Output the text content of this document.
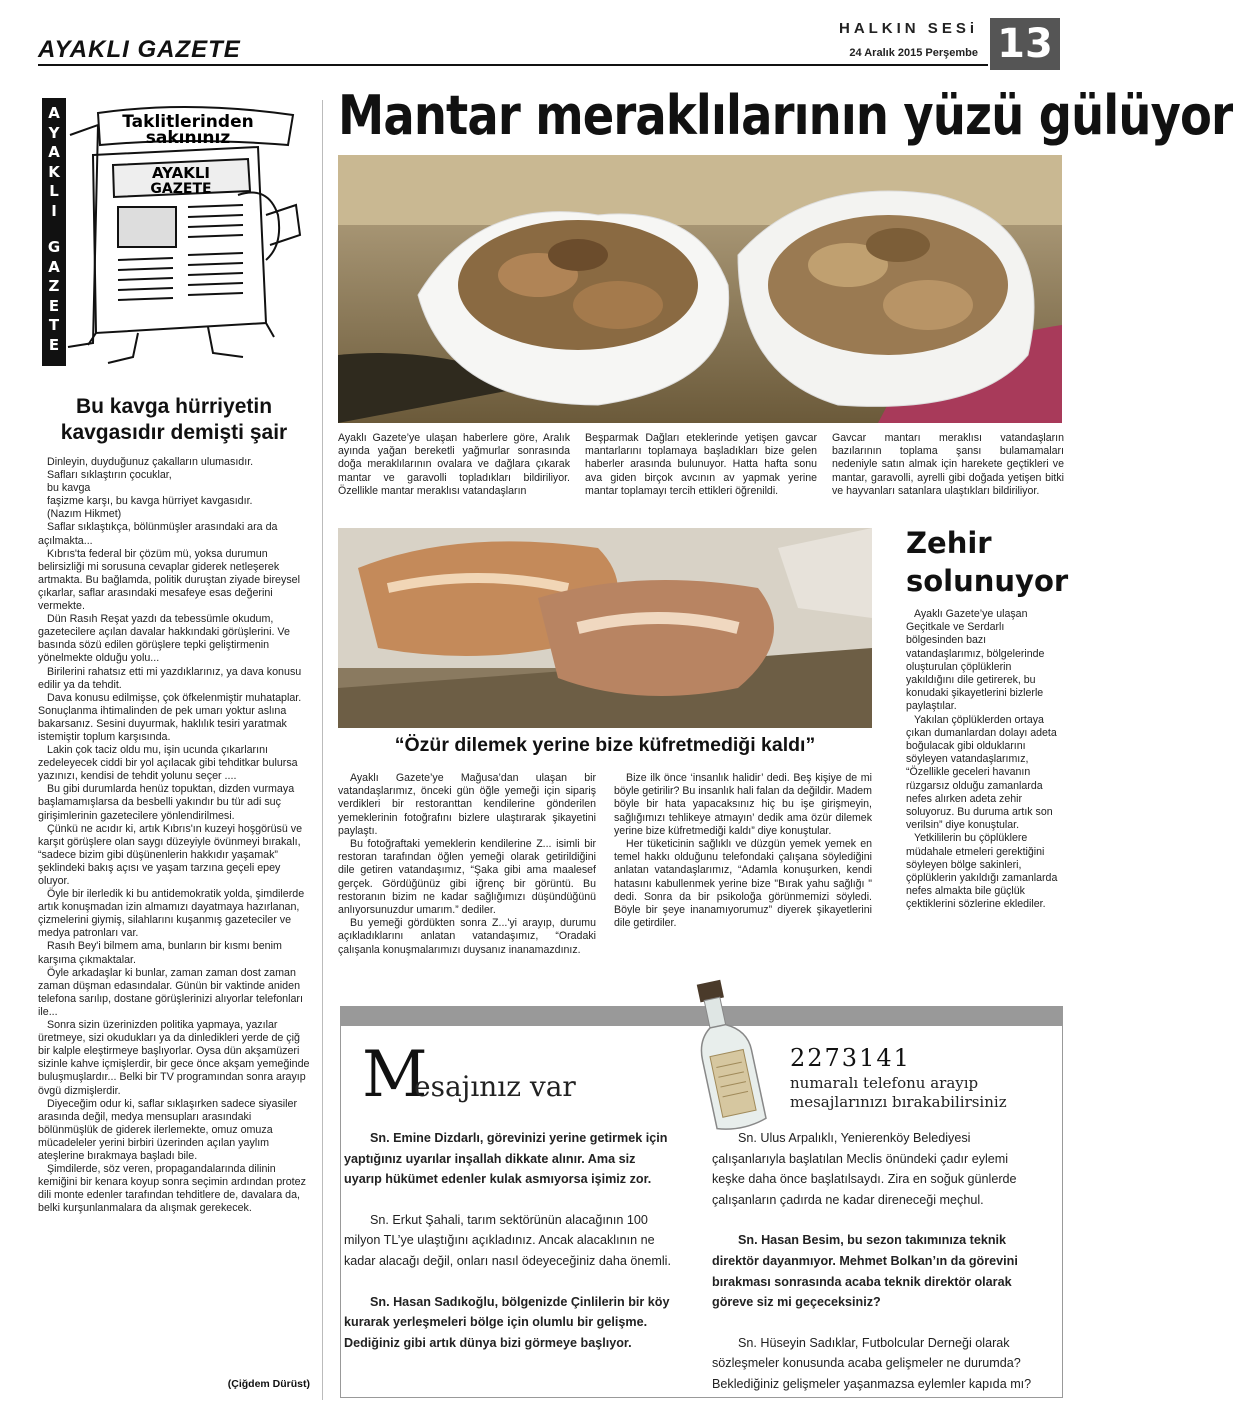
AYAKLI GAZETE
HALKIN SESi
24 Aralık 2015 Perşembe 13
Taklitlerinden
sakınınız
AYAKLI
GAZETE
A
Y
A
K
L
I
G
A
Z
E
T
E
Bu kavga hürriyetin kavgasıdır demişti şair

Dinleyin, duyduğunuz çakalların ulumasıdır.

Safları sıklaştırın çocuklar,

bu kavga

faşizme karşı, bu kavga hürriyet kavgasıdır.

(Nazım Hikmet)

Saflar sıklaştıkça, bölünmüşler arasındaki ara da açılmakta...

Kıbrıs'ta federal bir çözüm mü, yoksa durumun belirsizliği mi sorusuna cevaplar giderek netleşerek artmakta. Bu bağlamda, politik duruştan ziyade bireysel çıkarlar, saflar arasındaki mesafeye esas değerini vermekte.

Dün Rasıh Reşat yazdı da tebessümle okudum, gazetecilere açılan davalar hakkındaki görüşlerini. Ve basında sözü edilen görüşlere tepki geliştirmenin yönelmekte olduğu yolu...

Birilerini rahatsız etti mi yazdıklarınız, ya dava konusu edilir ya da tehdit.

Dava konusu edilmişse, çok öfkelenmiştir muhataplar. Sonuçlanma ihtimalinden de pek umarı yoktur aslına bakarsanız. Sesini duyurmak, haklılık tesiri yaratmak istemiştir toplum karşısında.

Lakin çok taciz oldu mu, işin ucunda çıkarlarını zedeleyecek ciddi bir yol açılacak gibi tehditkar bulursa yazınızı, kendisi de tehdit yolunu seçer ....

Bu gibi durumlarda henüz topuktan, dizden vurmaya başlamamışlarsa da besbelli yakındır bu tür adi suç girişimlerinin gazetecilere yönlendirilmesi.

Çünkü ne acıdır ki, artık Kıbrıs'ın kuzeyi hoşgörüsü ve karşıt görüşlere olan saygı düzeyiyle övünmeyi bırakalı, “sadece bizim gibi düşünenlerin hakkıdır yaşamak” şeklindeki bakış açısı ve yaşam tarzına geçeli epey oluyor.

Öyle bir ilerledik ki bu antidemokratik yolda, şimdilerde artık konuşmadan izin almamızı dayatmaya hazırlanan, çizmelerini giymiş, silahlarını kuşanmış gazeteciler ve medya patronları var.

Rasıh Bey'i bilmem ama, bunların bir kısmı benim karşıma çıkmaktalar.

Öyle arkadaşlar ki bunlar, zaman zaman dost zaman zaman düşman edasındalar. Günün bir vaktinde aniden telefona sarılıp, dostane görüşlerinizi alıyorlar telefonları ile...

Sonra sizin üzerinizden politika yapmaya, yazılar üretmeye, sizi okudukları ya da dinledikleri yerde de çiğ bir kalple eleştirmeye başlıyorlar. Oysa dün akşamüzeri sizinle kahve içmişlerdir, bir gece önce akşam yemeğinde buluşmuşlardır... Belki bir TV programından sonra arayıp övgü dizmişlerdir.

Diyeceğim odur ki, saflar sıklaşırken sadece siyasiler arasında değil, medya mensupları arasındaki bölünmüşlük de giderek ilerlemekte, omuz omuza mücadeleler yerini birbiri üzerinden açılan yaylım ateşlerine bırakmaya başladı bile.

Şimdilerde, söz veren, propagandalarında dilinin kemiğini bir kenara koyup sonra seçimin ardından protez dili monte edenler tarafından tehditlere de, davalara da, belki kurşunlanmalara da alışmak gerekecek.

(Çiğdem Dürüst)
Mantar meraklılarının yüzü gülüyor
Ayaklı Gazete’ye ulaşan haberlere göre, Aralık ayında yağan bereketli yağmurlar sonrasında doğa meraklılarının ovalara ve dağlara çıkarak mantar ve garavolli topladıkları bildiriliyor. Özellikle mantar meraklısı vatandaşların
Beşparmak Dağları eteklerinde yetişen gavcar mantarlarını toplamaya başladıkları bize gelen haberler arasında bulunuyor. Hatta hafta sonu ava giden birçok avcının av yapmak yerine mantar toplamayı tercih ettikleri öğrenildi.
Gavcar mantarı meraklısı vatandaşların bazılarının toplama şansı bulamamaları nedeniyle satın almak için harekete geçtikleri ve mantar, garavolli, ayrelli gibi doğada yetişen bitki ve hayvanları satanlara ulaştıkları bildiriliyor.
Zehir solunuyor

Ayaklı Gazete’ye ulaşan Geçitkale ve Serdarlı bölgesinden bazı vatandaşlarımız, bölgelerinde oluşturulan çöplüklerin yakıldığını dile getirerek, bu konudaki şikayetlerini bizlerle paylaştılar.

Yakılan çöplüklerden ortaya çıkan dumanlardan dolayı adeta boğulacak gibi olduklarını söyleyen vatandaşlarımız, “Özellikle geceleri havanın rüzgarsız olduğu zamanlarda nefes alırken adeta zehir soluyoruz. Bu duruma artık son verilsin” diye konuştular.

Yetkililerin bu çöplüklere müdahale etmeleri gerektiğini söyleyen bölge sakinleri, çöplüklerin yakıldığı zamanlarda nefes almakta bile güçlük çektiklerini sözlerine eklediler.

“Özür dilemek yerine bize küfretmediği kaldı”

Ayaklı Gazete’ye Mağusa’dan ulaşan bir vatandaşlarımız, önceki gün öğle yemeği için sipariş verdikleri bir restoranttan kendilerine gönderilen yemeklerinin fotoğrafını bizlere ulaştırarak şikayetini paylaştı.

Bu fotoğraftaki yemeklerin kendilerine Z... isimli bir restoran tarafından öğlen yemeği olarak getirildiğini dile getiren vatandaşımız, “Şaka gibi ama maalesef gerçek. Gördüğünüz gibi iğrenç bir görüntü. Bu restoranın bizim ne kadar sağlığımızı düşündüğünü anlıyorsunuzdur umarım.” dediler.

Bu yemeği gördükten sonra Z...'yi arayıp, durumu açıkladıklarını anlatan vatandaşımız, “Oradaki çalışanla konuşmalarımızı duysanız inanamazdınız.

Bize ilk önce ‘insanlık halidir’ dedi. Beş kişiye de mi böyle getirilir? Bu insanlık hali falan da değildir. Madem böyle bir hata yapacaksınız hiç bu işe girişmeyin, sağlığımızı tehlikeye atmayın’ dedik ama özür dilemek yerine bize küfretmediği kaldı” diye konuştular.

Her tüketicinin sağlıklı ve düzgün yemek yemek en temel hakkı olduğunu telefondaki çalışana söylediğini anlatan vatandaşlarımız, “Adamla konuşurken, kendi hatasını kabullenmek yerine bize "Bırak yahu sağlığı " dedi. Sonra da bir psikoloğa görünmemizi söyledi. Böyle bir şeye inanamıyorumuz” diyerek şikayetlerini dile getirdiler.

M
esajınız var
2273141
numaralı telefonu arayıp
mesajlarınızı bırakabilirsiniz

Sn. Emine Dizdarlı, görevinizi yerine getirmek için yaptığınız uyarılar inşallah dikkate alınır. Ama siz uyarıp hükümet edenler kulak asmıyorsa işimiz zor.

Sn. Erkut Şahali, tarım sektörünün alacağının 100 milyon TL’ye ulaştığını açıkladınız. Ancak alacaklının ne kadar alacağı değil, onları nasıl ödeyeceğiniz daha önemli.

Sn. Hasan Sadıkoğlu, bölgenizde Çinlilerin bir köy kurarak yerleşmeleri bölge için olumlu bir gelişme. Dediğiniz gibi artık dünya bizi görmeye başlıyor.

Sn. Ulus Arpalıklı, Yenierenköy Belediyesi çalışanlarıyla başlatılan Meclis önündeki çadır eylemi keşke daha önce başlatılsaydı. Zira en soğuk günlerde çalışanların çadırda ne kadar direneceği meçhul.

Sn. Hasan Besim, bu sezon takımınıza teknik direktör dayanmıyor. Mehmet Bolkan’ın da görevini bırakması sonrasında acaba teknik direktör olarak göreve siz mi geçeceksiniz?

Sn. Hüseyin Sadıklar, Futbolcular Derneği olarak sözleşmeler konusunda acaba gelişmeler ne durumda? Beklediğiniz gelişmeler yaşanmazsa eylemler kapıda mı?
